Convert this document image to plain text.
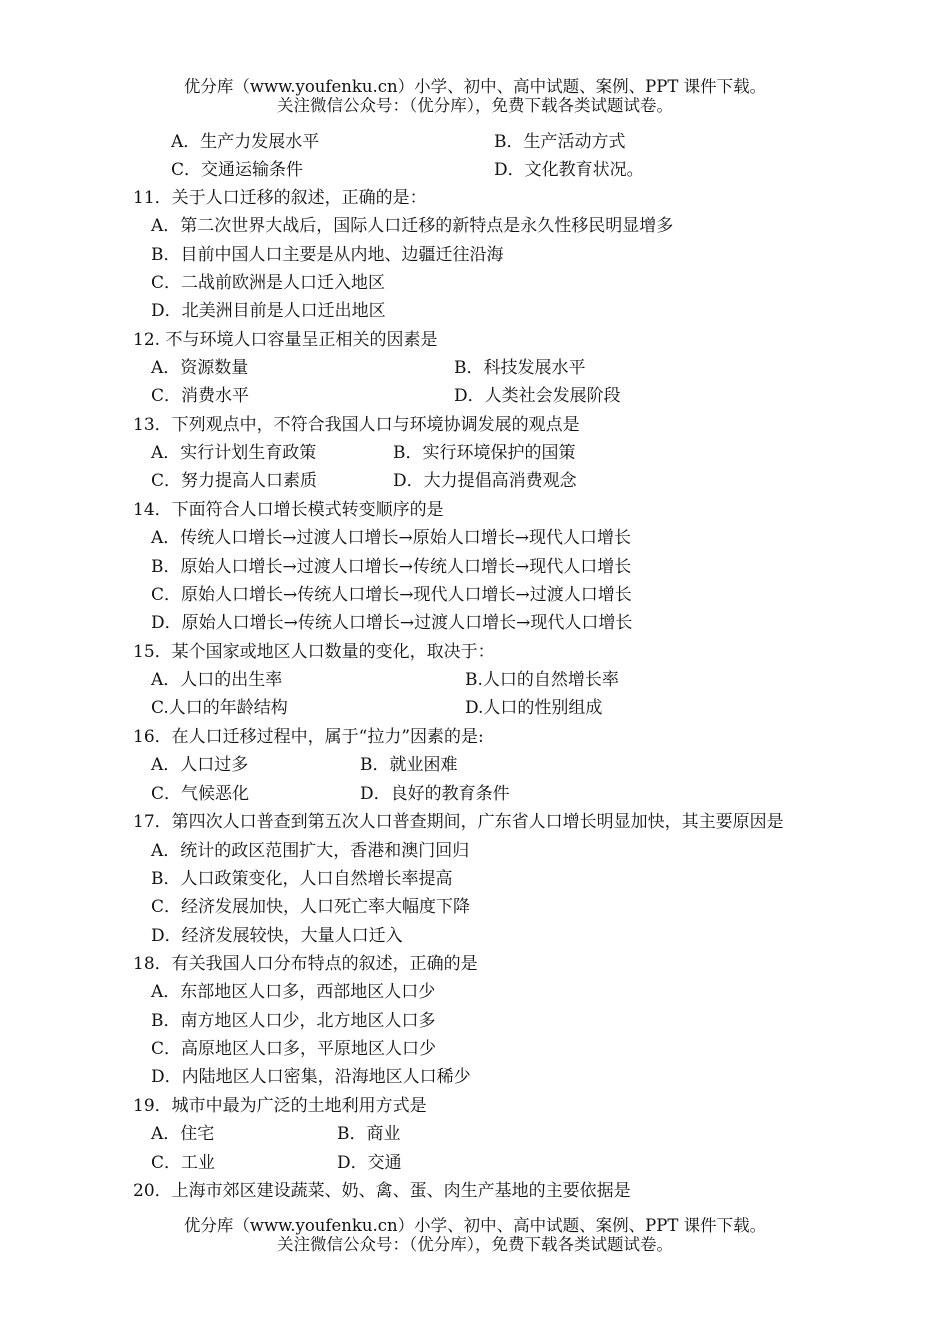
优分库（www.youfenku.cn）小学、初中、高中试题、案例、PPT 课件下载。
关注微信公众号：（优分库），免费下载各类试题试卷。
A．生产力发展水平	B．生产活动方式
C．交通运输条件	D．文化教育状况。
11．关于人口迁移的叙述，正确的是：
A．第二次世界大战后，国际人口迁移的新特点是永久性移民明显增多
B．目前中国人口主要是从内地、边疆迁往沿海
C．二战前欧洲是人口迁入地区
D．北美洲目前是人口迁出地区
12. 不与环境人口容量呈正相关的因素是
A．资源数量	B．科技发展水平
C．消费水平	D．人类社会发展阶段
13．下列观点中，不符合我国人口与环境协调发展的观点是
A．实行计划生育政策	B．实行环境保护的国策
C．努力提高人口素质	D．大力提倡高消费观念
14．下面符合人口增长模式转变顺序的是
A．传统人口增长→过渡人口增长→原始人口增长→现代人口增长
B．原始人口增长→过渡人口增长→传统人口增长→现代人口增长
C．原始人口增长→传统人口增长→现代人口增长→过渡人口增长
D．原始人口增长→传统人口增长→过渡人口增长→现代人口增长
15．某个国家或地区人口数量的变化，取决于：
A．人口的出生率	B.人口的自然增长率
C.人口的年龄结构	D.人口的性别组成
16．在人口迁移过程中，属于“拉力”因素的是:
A．人口过多	B．就业困难
C．气候恶化	D．良好的教育条件
17．第四次人口普查到第五次人口普查期间，广东省人口增长明显加快，其主要原因是
A．统计的政区范围扩大，香港和澳门回归
B．人口政策变化，人口自然增长率提高
C．经济发展加快，人口死亡率大幅度下降
D．经济发展较快，大量人口迁入
18．有关我国人口分布特点的叙述，正确的是
A．东部地区人口多，西部地区人口少
B．南方地区人口少，北方地区人口多
C．高原地区人口多，平原地区人口少
D．内陆地区人口密集，沿海地区人口稀少
19．城市中最为广泛的土地利用方式是
A．住宅	B．商业
C．工业	D．交通
20．上海市郊区建设蔬菜、奶、禽、蛋、肉生产基地的主要依据是
优分库（www.youfenku.cn）小学、初中、高中试题、案例、PPT 课件下载。
关注微信公众号：（优分库），免费下载各类试题试卷。
